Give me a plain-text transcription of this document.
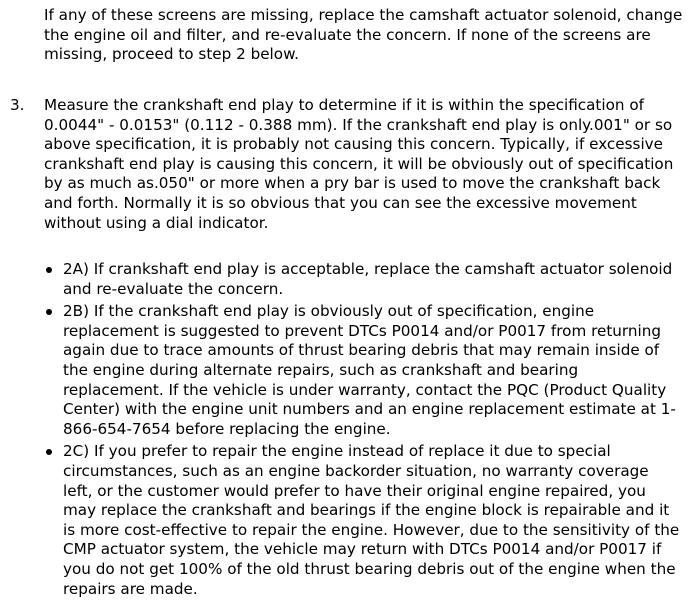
If any of these screens are missing, replace the camshaft actuator solenoid, change the engine oil and filter, and re-evaluate the concern. If none of the screens are missing, proceed to step 2 below.

3. Measure the crankshaft end play to determine if it is within the specification of 0.0044" - 0.0153" (0.112 - 0.388 mm). If the crankshaft end play is only.001" or so above specification, it is probably not causing this concern. Typically, if excessive crankshaft end play is causing this concern, it will be obviously out of specification by as much as.050" or more when a pry bar is used to move the crankshaft back and forth. Normally it is so obvious that you can see the excessive movement without using a dial indicator.

2A) If crankshaft end play is acceptable, replace the camshaft actuator solenoid and re-evaluate the concern.
2B) If the crankshaft end play is obviously out of specification, engine replacement is suggested to prevent DTCs P0014 and/or P0017 from returning again due to trace amounts of thrust bearing debris that may remain inside of the engine during alternate repairs, such as crankshaft and bearing replacement. If the vehicle is under warranty, contact the PQC (Product Quality Center) with the engine unit numbers and an engine replacement estimate at 1-866-654-7654 before replacing the engine.
2C) If you prefer to repair the engine instead of replace it due to special circumstances, such as an engine backorder situation, no warranty coverage left, or the customer would prefer to have their original engine repaired, you may replace the crankshaft and bearings if the engine block is repairable and it is more cost-effective to repair the engine. However, due to the sensitivity of the CMP actuator system, the vehicle may return with DTCs P0014 and/or P0017 if you do not get 100% of the old thrust bearing debris out of the engine when the repairs are made.
